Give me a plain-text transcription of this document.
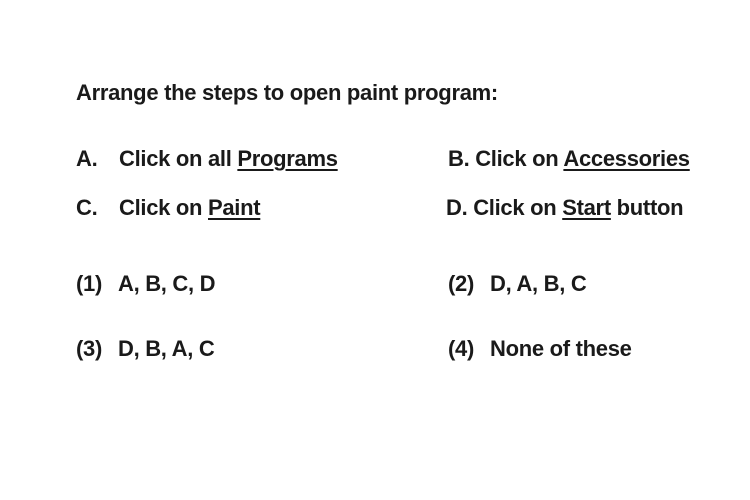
Arrange the steps to open paint program:
A. Click on all Programs	B. Click on Accessories
C. Click on Paint	D. Click on Start button
(1) A, B, C, D	(2) D, A, B, C
(3) D, B, A, C	(4) None of these
